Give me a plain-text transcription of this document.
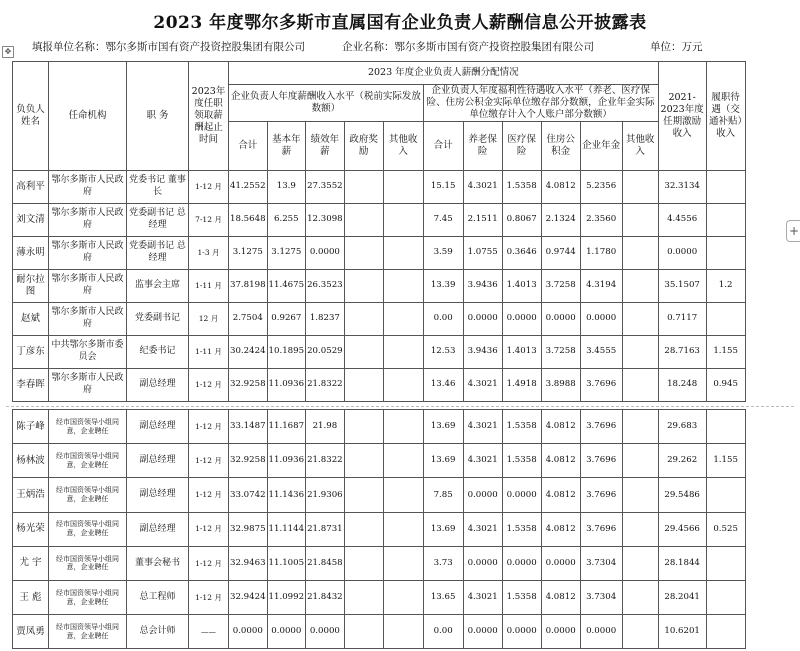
2023 年度鄂尔多斯市直属国有企业负责人薪酬信息公开披露表
填报单位名称：鄂尔多斯市国有资产投资控股集团有限公司	企业名称：鄂尔多斯市国有资产投资控股集团有限公司	单位：万元
✥
负负人姓名	任命机构	职 务	2023年度任职领取薪酬起止时间	2023 年度企业负责人薪酬分配情况											2021-2023年度任期激励收入	履职待遇（交通补贴）收入
				企业负责人年度薪酬收入水平（税前实际发放数额）					企业负责人年度福利性待遇收入水平（养老、医疗保险、住房公积金实际单位缴存部分数额，企业年金实际单位缴存计入个人账户部分数额）							
				合计	基本年薪	绩效年薪	政府奖励	其他收入	合计	养老保险	医疗保险	住房公积金	企业年金	其他收入		

高利平	鄂尔多斯市人民政府	党委书记 董事长	1-12 月	41.2552	13.9	27.3552			15.15	4.3021	1.5358	4.0812	5.2356		32.3134	
刘文清	鄂尔多斯市人民政府	党委副书记 总经理	7-12 月	18.5648	6.255	12.3098			7.45	2.1511	0.8067	2.1324	2.3560		4.4556	
薄永明	鄂尔多斯市人民政府	党委副书记 总经理	1-3 月	3.1275	3.1275	0.0000			3.59	1.0755	0.3646	0.9744	1.1780		0.0000	
耐尔拉图	鄂尔多斯市人民政府	监事会主席	1-11 月	37.8198	11.4675	26.3523			13.39	3.9436	1.4013	3.7258	4.3194		35.1507	1.2
赵斌	鄂尔多斯市人民政府	党委副书记	12 月	2.7504	0.9267	1.8237			0.00	0.0000	0.0000	0.0000	0.0000		0.7117	
丁彦东	中共鄂尔多斯市委员会	纪委书记	1-11 月	30.2424	10.1895	20.0529			12.53	3.9436	1.4013	3.7258	3.4555		28.7163	1.155
李春晖	鄂尔多斯市人民政府	副总经理	1-12 月	32.9258	11.0936	21.8322			13.46	4.3021	1.4918	3.8988	3.7696		18.248	0.945
+
陈子峰	经市国资领导小组同意，企业聘任	副总经理	1-12 月	33.1487	11.1687	21.98			13.69	4.3021	1.5358	4.0812	3.7696		29.683	
杨林波	经市国资领导小组同意，企业聘任	副总经理	1-12 月	32.9258	11.0936	21.8322			13.69	4.3021	1.5358	4.0812	3.7696		29.262	1.155
王炳浩	经市国资领导小组同意，企业聘任	副总经理	1-12 月	33.0742	11.1436	21.9306			7.85	0.0000	0.0000	4.0812	3.7696		29.5486	
杨光荣	经市国资领导小组同意，企业聘任	副总经理	1-12 月	32.9875	11.1144	21.8731			13.69	4.3021	1.5358	4.0812	3.7696		29.4566	0.525
尤 宇	经市国资领导小组同意，企业聘任	董事会秘书	1-12 月	32.9463	11.1005	21.8458			3.73	0.0000	0.0000	0.0000	3.7304		28.1844	
王 彪	经市国资领导小组同意，企业聘任	总工程师	1-12 月	32.9424	11.0992	21.8432			13.65	4.3021	1.5358	4.0812	3.7304		28.2041	
贾凤勇	经市国资领导小组同意，企业聘任	总会计师	——	0.0000	0.0000	0.0000			0.00	0.0000	0.0000	0.0000	0.0000		10.6201	
